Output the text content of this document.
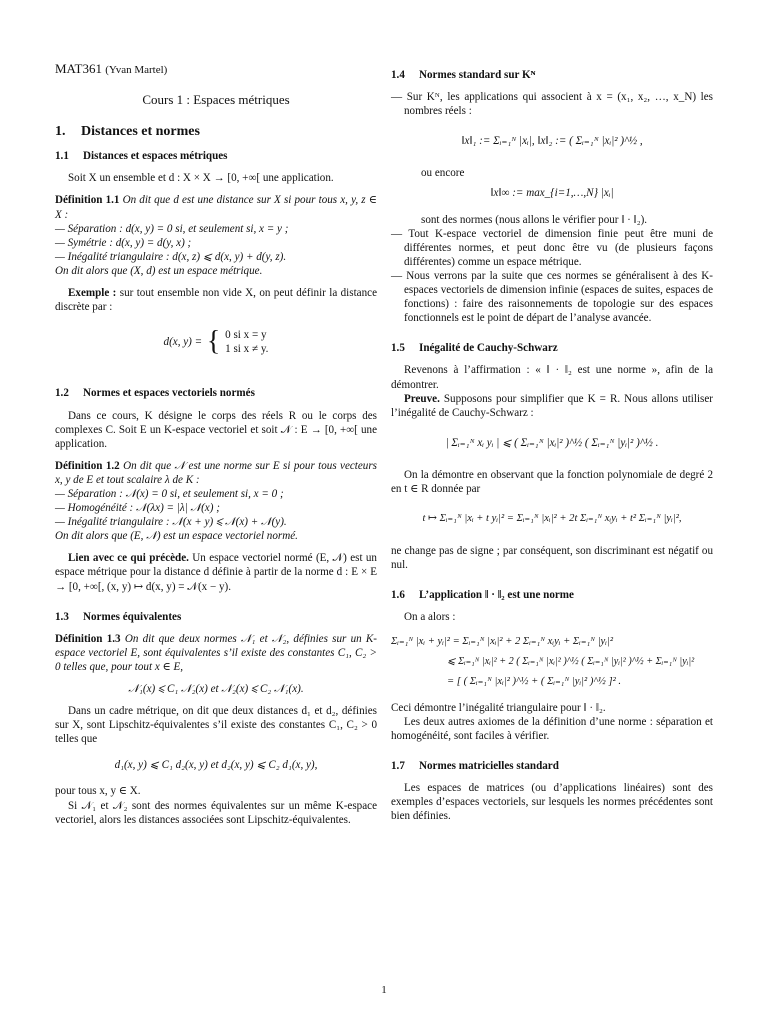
MAT361 (Yvan Martel)

Cours 1 : Espaces métriques

1. Distances et normes
1.1 Distances et espaces métriques

Soit X un ensemble et d : X × X → [0, +∞[ une application.

Définition 1.1 On dit que d est une distance sur X si pour tous x, y, z ∈ X :

— Séparation : d(x, y) = 0 si, et seulement si, x = y ;
— Symétrie : d(x, y) = d(y, x) ;
— Inégalité triangulaire : d(x, z) ⩽ d(x, y) + d(y, z).

On dit alors que (X, d) est un espace métrique.

Exemple : sur tout ensemble non vide X, on peut définir la distance discrète par :

d(x, y) = { 0 si x = y
1 si x ≠ y.
1.2 Normes et espaces vectoriels normés

Dans ce cours, K désigne le corps des réels R ou le corps des complexes C. Soit E un K-espace vectoriel et soit 𝒩 : E → [0, +∞[ une application.

Définition 1.2 On dit que 𝒩 est une norme sur E si pour tous vecteurs x, y de E et tout scalaire λ de K :

— Séparation : 𝒩(x) = 0 si, et seulement si, x = 0 ;
— Homogénéité : 𝒩(λx) = |λ| 𝒩(x) ;
— Inégalité triangulaire : 𝒩(x + y) ⩽ 𝒩(x) + 𝒩(y).

On dit alors que (E, 𝒩) est un espace vectoriel normé.

Lien avec ce qui précède. Un espace vectoriel normé (E, 𝒩) est un espace métrique pour la distance d définie à partir de la norme d : E × E → [0, +∞[, (x, y) ↦ d(x, y) = 𝒩(x − y).

1.3 Normes équivalentes

Définition 1.3 On dit que deux normes 𝒩₁ et 𝒩₂, définies sur un K-espace vectoriel E, sont équivalentes s’il existe des constantes C₁, C₂ > 0 telles que, pour tout x ∈ E,

𝒩₁(x) ⩽ C₁ 𝒩₂(x) et 𝒩₂(x) ⩽ C₂ 𝒩₁(x).

Dans un cadre métrique, on dit que deux distances d₁ et d₂, définies sur X, sont Lipschitz-équivalentes s’il existe des constantes C₁, C₂ > 0 telles que

d₁(x, y) ⩽ C₁ d₂(x, y) et d₂(x, y) ⩽ C₂ d₁(x, y),

pour tous x, y ∈ X.

Si 𝒩₁ et 𝒩₂ sont des normes équivalentes sur un même K-espace vectoriel, alors les distances associées sont Lipschitz-équivalentes.

1.4 Normes standard sur Kᴺ
— Sur Kᴺ, les applications qui associent à x = (x₁, x₂, …, x_N) les nombres réels :
‖x‖₁ := Σᵢ₌₁ᴺ |xᵢ|, ‖x‖₂ := ( Σᵢ₌₁ᴺ |xᵢ|² )^½ ,

ou encore

‖x‖∞ := max_{i=1,…,N} |xᵢ|

sont des normes (nous allons le vérifier pour ‖ · ‖₂).

— Tout K-espace vectoriel de dimension finie peut être muni de différentes normes, et peut donc être vu (de plusieurs façons différentes) comme un espace métrique.
— Nous verrons par la suite que ces normes se généralisent à des K-espaces vectoriels de dimension infinie (espaces de suites, espaces de fonctions) : faire des raisonnements de topologie sur des espaces fonctionnels est le point de départ de l’analyse avancée.
1.5 Inégalité de Cauchy-Schwarz

Revenons à l’affirmation : « ‖ · ‖₂ est une norme », afin de la démontrer.

Preuve. Supposons pour simplifier que K = R. Nous allons utiliser l’inégalité de Cauchy-Schwarz :

| Σᵢ₌₁ᴺ xᵢ yᵢ | ⩽ ( Σᵢ₌₁ᴺ |xᵢ|² )^½ ( Σᵢ₌₁ᴺ |yᵢ|² )^½ .

On la démontre en observant que la fonction polynomiale de degré 2 en t ∈ R donnée par

t ↦ Σᵢ₌₁ᴺ |xᵢ + t yᵢ|² = Σᵢ₌₁ᴺ |xᵢ|² + 2t Σᵢ₌₁ᴺ xᵢyᵢ + t² Σᵢ₌₁ᴺ |yᵢ|²,

ne change pas de signe ; par conséquent, son discriminant est négatif ou nul.

1.6 L’application ‖ · ‖₂ est une norme

On a alors :

Σᵢ₌₁ᴺ |xᵢ + yᵢ|² = Σᵢ₌₁ᴺ |xᵢ|² + 2 Σᵢ₌₁ᴺ xᵢyᵢ + Σᵢ₌₁ᴺ |yᵢ|²
⩽ Σᵢ₌₁ᴺ |xᵢ|² + 2 ( Σᵢ₌₁ᴺ |xᵢ|² )^½ ( Σᵢ₌₁ᴺ |yᵢ|² )^½ + Σᵢ₌₁ᴺ |yᵢ|²
= [ ( Σᵢ₌₁ᴺ |xᵢ|² )^½ + ( Σᵢ₌₁ᴺ |yᵢ|² )^½ ]² .

Ceci démontre l’inégalité triangulaire pour ‖ · ‖₂.

Les deux autres axiomes de la définition d’une norme : séparation et homogénéité, sont faciles à vérifier.

1.7 Normes matricielles standard

Les espaces de matrices (ou d’applications linéaires) sont des exemples d’espaces vectoriels, sur lesquels les normes précédentes sont bien définies.

1
